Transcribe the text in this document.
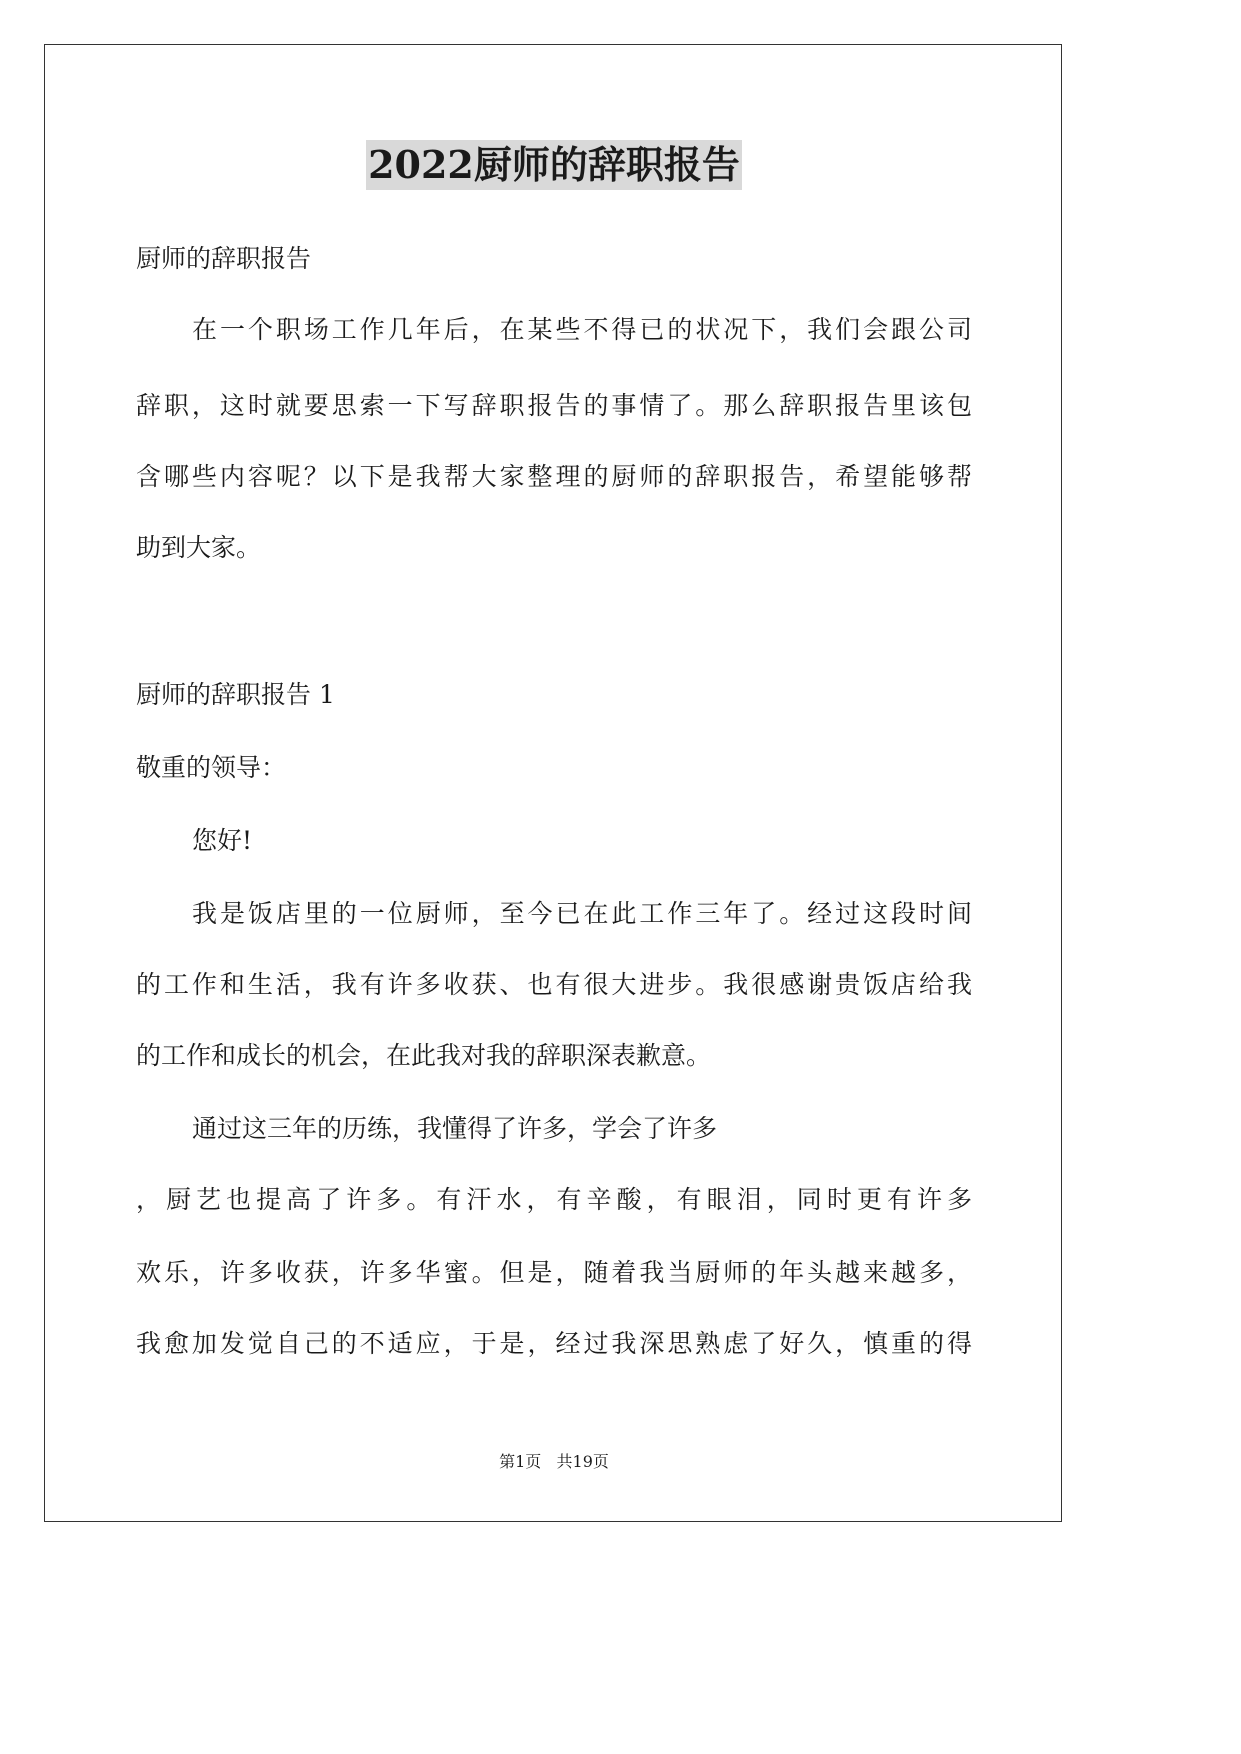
2022厨师的辞职报告
厨师的辞职报告
在一个职场工作几年后，在某些不得已的状况下，我们会跟公司
辞职，这时就要思索一下写辞职报告的事情了。那么辞职报告里该包
含哪些内容呢？以下是我帮大家整理的厨师的辞职报告，希望能够帮
助到大家。
厨师的辞职报告 1
敬重的领导：
您好!
我是饭店里的一位厨师，至今已在此工作三年了。经过这段时间
的工作和生活，我有许多收获、也有很大进步。我很感谢贵饭店给我
的工作和成长的机会，在此我对我的辞职深表歉意。
通过这三年的历练，我懂得了许多，学会了许多
，厨艺也提高了许多。有汗水，有辛酸，有眼泪，同时更有许多
欢乐，许多收获，许多华蜜。但是，随着我当厨师的年头越来越多，
我愈加发觉自己的不适应，于是，经过我深思熟虑了好久，慎重的得
第1页   共19页
